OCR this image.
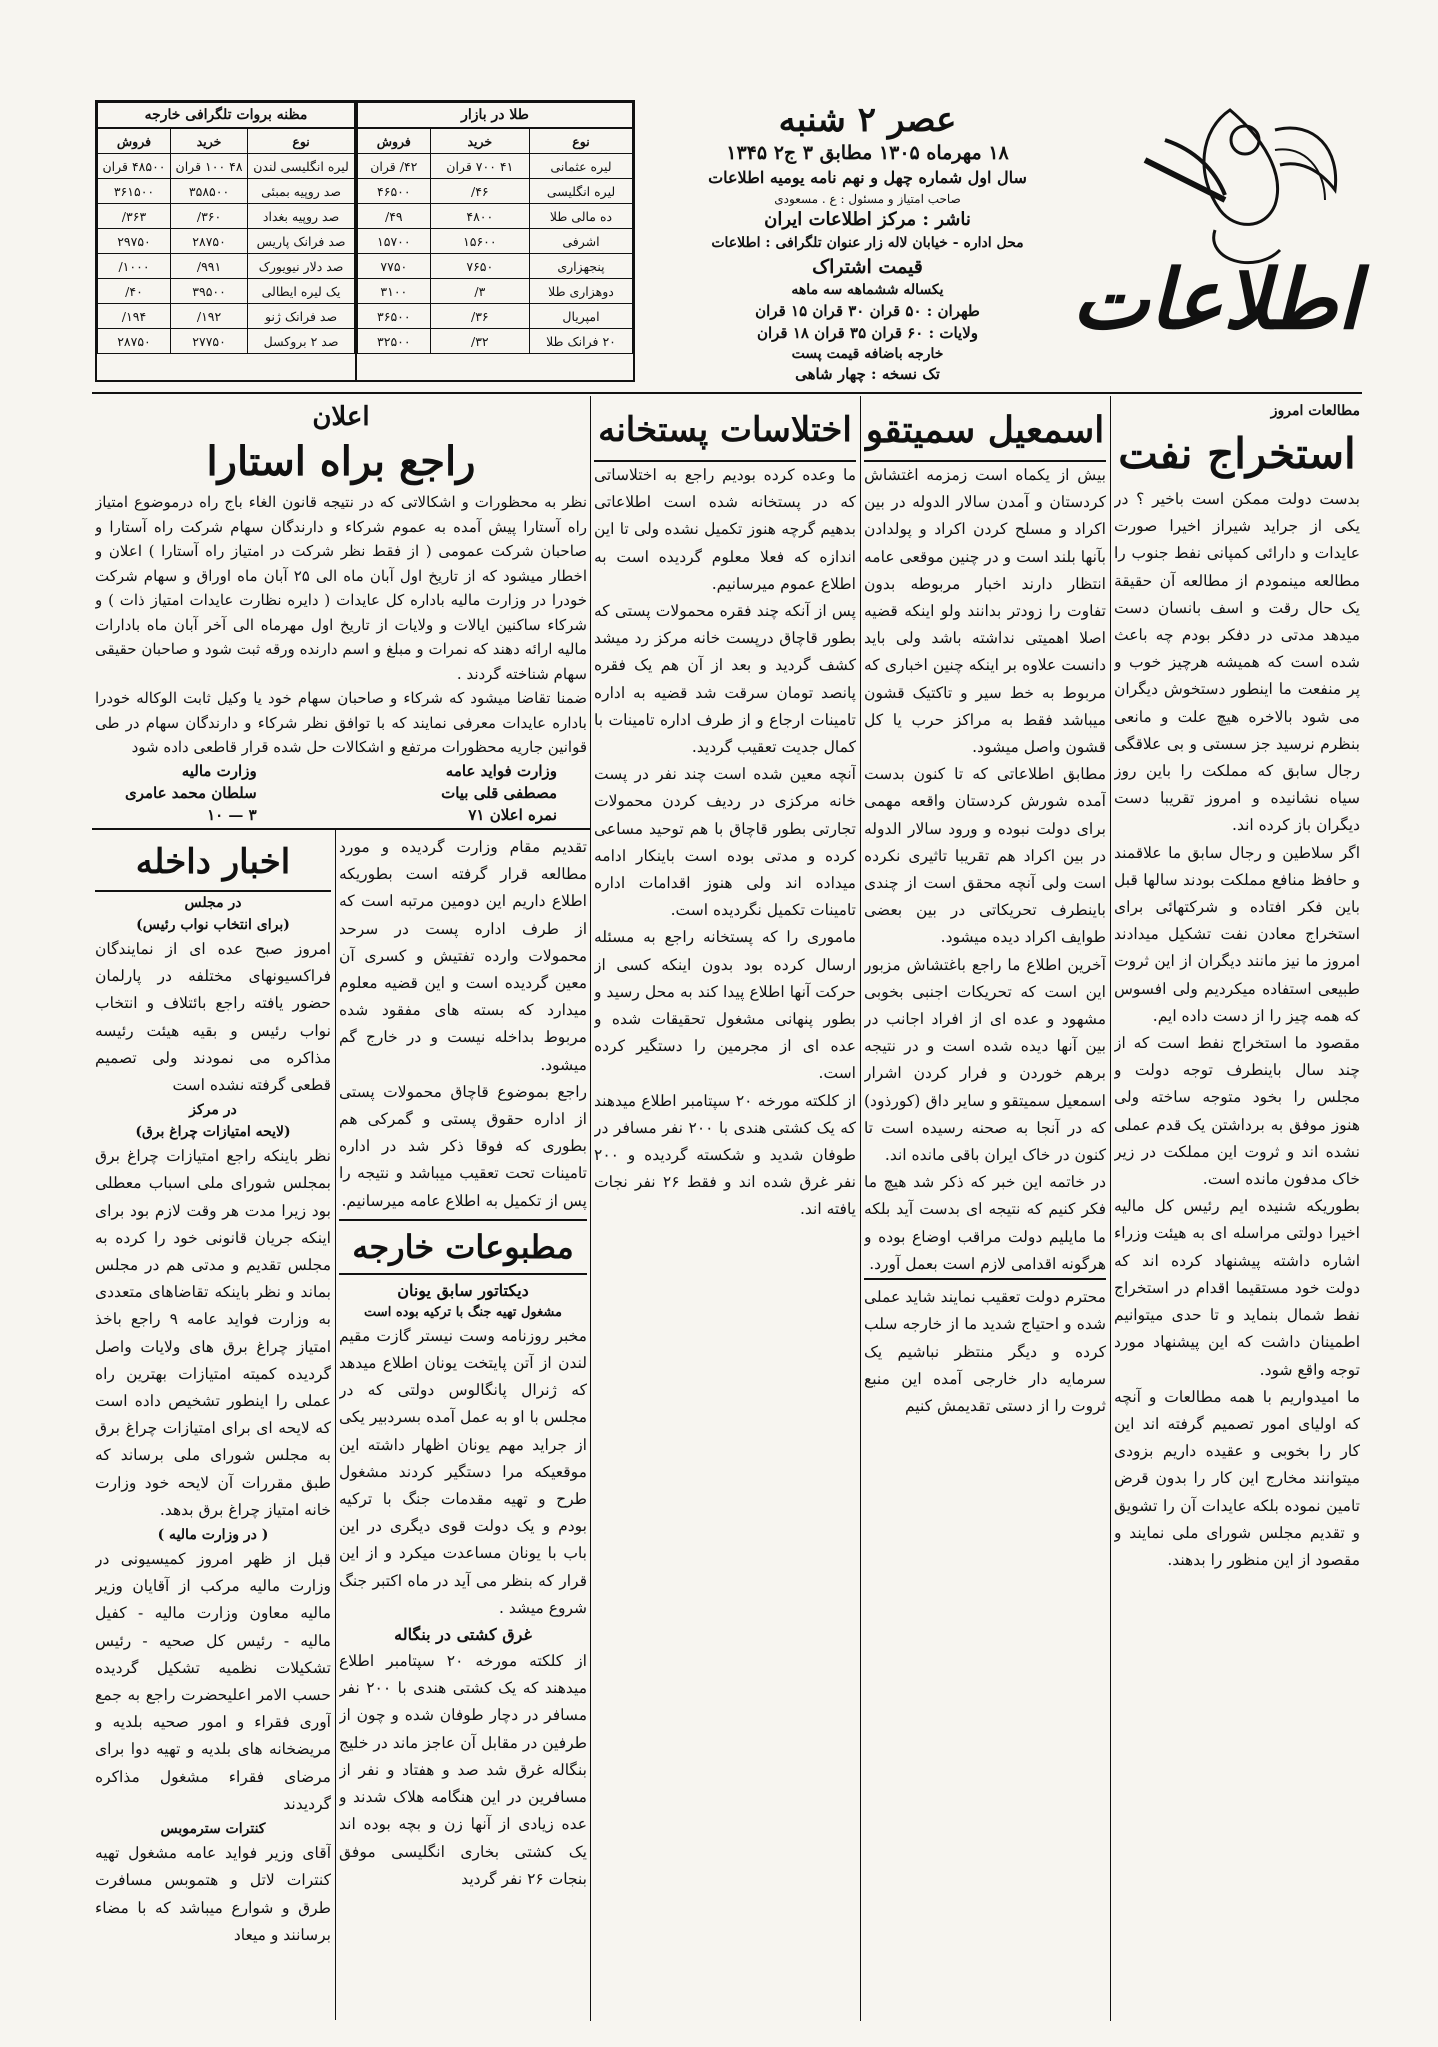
اطلاعات
عصر ۲ شنبه
۱۸ مهرماه ۱۳۰۵ مطابق ۳ ج۲ ۱۳۴۵
سال اول شماره چهل و نهم نامه یومیه اطلاعات
صاحب امتیاز و مسئول : ع . مسعودی
ناشر : مرکز اطلاعات ایران
محل اداره - خیابان لاله زار عنوان تلگرافی : اطلاعات
قیمت اشتراک
یکساله ششماهه سه ماهه
طهران : ۵۰ قران ۳۰ قران ۱۵ قران
ولایات : ۶۰ قران ۳۵ قران ۱۸ قران
خارجه باضافه قیمت پست
تک نسخه : چهار شاهی
طلا در بازار
نوع	خرید	فروش
لیره عثمانی	۴۱ ۷۰۰ قران	۴۲/ قران
لیره انگلیسی	۴۶/	۴۶۵۰۰
ده مالی طلا	۴۸۰۰	۴۹/
اشرفی	۱۵۶۰۰	۱۵۷۰۰
پنجهزاری	۷۶۵۰	۷۷۵۰
دوهزاری طلا	۳/	۳۱۰۰
امپریال	۳۶/	۳۶۵۰۰
۲۰ فرانک طلا	۳۲/	۳۲۵۰۰
مظنه بروات تلگرافی خارجه
نوع	خرید	فروش
لیره انگلیسی لندن	۴۸ ۱۰۰ قران	۴۸۵۰۰ قران
صد روپیه بمبئی	۳۵۸۵۰۰	۳۶۱۵۰۰
صد روپیه بغداد	۳۶۰/	۳۶۳/
صد فرانک پاریس	۲۸۷۵۰	۲۹۷۵۰
صد دلار نیویورک	۹۹۱/	۱۰۰۰/
یک لیره ایطالی	۳۹۵۰۰	۴۰/
صد فرانک ژنو	۱۹۲/	۱۹۴/
صد ۲ بروکسل	۲۷۷۵۰	۲۸۷۵۰
مطالعات امروز
استخراج نفت

بدست دولت ممکن است باخیر ؟ در یکی از جراید شیراز اخیرا صورت عایدات و دارائی کمپانی نفط جنوب را مطالعه مینمودم از مطالعه آن حقیقة یک حال رقت و اسف بانسان دست میدهد مدتی در دفکر بودم چه باعث شده است که همیشه هرچیز خوب و پر منفعت ما اینطور دستخوش دیگران می شود بالاخره هیچ علت و مانعی بنظرم نرسید جز سستی و بی علاقگی رجال سابق که مملکت را باین روز سیاه نشانیده و امروز تقریبا دست دیگران باز کرده اند.

اگر سلاطین و رجال سابق ما علاقمند و حافظ منافع مملکت بودند سالها قبل باین فکر افتاده و شرکتهائی برای استخراج معادن نفت تشکیل میدادند امروز ما نیز مانند دیگران از این ثروت طبیعی استفاده میکردیم ولی افسوس که همه چیز را از دست داده ایم.

مقصود ما استخراج نفط است که از چند سال باینطرف توجه دولت و مجلس را بخود متوجه ساخته ولی هنوز موفق به برداشتن یک قدم عملی نشده اند و ثروت این مملکت در زیر خاک مدفون مانده است.

بطوریکه شنیده ایم رئیس کل مالیه اخیرا دولتی مراسله ای به هیئت وزراء اشاره داشته پیشنهاد کرده اند که دولت خود مستقیما اقدام در استخراج نفط شمال بنماید و تا حدی میتوانیم اطمینان داشت که این پیشنهاد مورد توجه واقع شود.

ما امیدواریم با همه مطالعات و آنچه که اولیای امور تصمیم گرفته اند این کار را بخوبی و عقیده داریم بزودی میتوانند مخارج این کار را بدون قرض تامین نموده بلکه عایدات آن را تشویق و تقدیم مجلس شورای ملی نمایند و مقصود از این منظور را بدهند.

اسمعیل سمیتقو

بیش از یکماه است زمزمه اغتشاش کردستان و آمدن سالار الدوله در بین اکراد و مسلح کردن اکراد و پولدادن بآنها بلند است و در چنین موقعی عامه انتظار دارند اخبار مربوطه بدون تفاوت را زودتر بدانند ولو اینکه قضیه اصلا اهمیتی نداشته باشد ولی باید دانست علاوه بر اینکه چنین اخباری که مربوط به خط سیر و تاکتیک قشون میباشد فقط به مراکز حرب یا کل قشون واصل میشود.

مطابق اطلاعاتی که تا کنون بدست آمده شورش کردستان واقعه مهمی برای دولت نبوده و ورود سالار الدوله در بین اکراد هم تقریبا تاثیری نکرده است ولی آنچه محقق است از چندی باینطرف تحریکاتی در بین بعضی طوایف اکراد دیده میشود.

آخرین اطلاع ما راجع باغتشاش مزبور این است که تحریکات اجنبی بخوبی مشهود و عده ای از افراد اجانب در بین آنها دیده شده است و در نتیجه برهم خوردن و فرار کردن اشرار اسمعیل سمیتقو و سایر داق (کورذود) که در آنجا به صحنه رسیده است تا کنون در خاک ایران باقی مانده اند.

در خاتمه این خبر که ذکر شد هیچ ما فکر کنیم که نتیجه ای بدست آید بلکه ما مایلیم دولت مراقب اوضاع بوده و هرگونه اقدامی لازم است بعمل آورد.

محترم دولت تعقیب نمایند شاید عملی شده و احتیاج شدید ما از خارجه سلب کرده و دیگر منتظر نباشیم یک سرمایه دار خارجی آمده این منبع ثروت را از دستی تقدیمش کنیم

اختلاسات پستخانه

ما وعده کرده بودیم راجع به اختلاساتی که در پستخانه شده است اطلاعاتی بدهیم گرچه هنوز تکمیل نشده ولی تا این اندازه که فعلا معلوم گردیده است به اطلاع عموم میرسانیم.

پس از آنکه چند فقره محمولات پستی که بطور قاچاق درپست خانه مرکز رد میشد کشف گردید و بعد از آن هم یک فقره پانصد تومان سرقت شد قضیه به اداره تامینات ارجاع و از طرف اداره تامینات با کمال جدیت تعقیب گردید.

آنچه معین شده است چند نفر در پست خانه مرکزی در ردیف کردن محمولات تجارتی بطور قاچاق با هم توحید مساعی کرده و مدتی بوده است باینکار ادامه میداده اند ولی هنوز اقدامات اداره تامینات تکمیل نگردیده است.

ماموری را که پستخانه راجع به مسئله ارسال کرده بود بدون اینکه کسی از حرکت آنها اطلاع پیدا کند به محل رسید و بطور پنهانی مشغول تحقیقات شده و عده ای از مجرمین را دستگیر کرده است.

از کلکته مورخه ۲۰ سپتامبر اطلاع میدهند که یک کشتی هندی با ۲۰۰ نفر مسافر در طوفان شدید و شکسته گردیده و ۲۰۰ نفر غرق شده اند و فقط ۲۶ نفر نجات یافته اند.

اعلان
راجع براه استارا

نظر به محظورات و اشکالاتی که در نتیجه قانون الغاء باج راه درموضوع امتیاز راه آستارا پیش آمده به عموم شرکاء و دارندگان سهام شرکت راه آستارا و صاحبان شرکت عمومی ( از فقط نظر شرکت در امتیاز راه آستارا ) اعلان و اخطار میشود که از تاریخ اول آبان ماه الی ۲۵ آبان ماه اوراق و سهام شرکت خودرا در وزارت مالیه باداره کل عایدات ( دایره نظارت عایدات امتیاز ذات ) و شرکاء ساکنین ایالات و ولایات از تاریخ اول مهرماه الی آخر آبان ماه بادارات مالیه ارائه دهند که نمرات و مبلغ و اسم دارنده ورقه ثبت شود و صاحبان حقیقی سهام شناخته گردند .

ضمنا تقاضا میشود که شرکاء و صاحبان سهام خود یا وکیل ثابت الوکاله خودرا باداره عایدات معرفی نمایند که با توافق نظر شرکاء و دارندگان سهام در طی قوانین جاریه محظورات مرتفع و اشکالات حل شده قرار قاطعی داده شود

وزارت فواید عامه
مصطفی قلی بیات
نمره اعلان ۷۱
وزارت مالیه
سلطان محمد عامری
۳ — ۱۰

تقدیم مقام وزارت گردیده و مورد مطالعه قرار گرفته است بطوریکه اطلاع داریم این دومین مرتبه است که از طرف اداره پست در سرحد محمولات وارده تفتیش و کسری آن معین گردیده است و این قضیه معلوم میدارد که بسته های مفقود شده مربوط بداخله نیست و در خارج گم میشود.

راجع بموضوع قاچاق محمولات پستی از اداره حقوق پستی و گمرکی هم بطوری که فوقا ذکر شد در اداره تامینات تحت تعقیب میباشد و نتیجه را پس از تکمیل به اطلاع عامه میرسانیم.

مطبوعات خارجه
دیکتاتور سابق یونان
مشغول تهیه جنگ با ترکیه بوده است

مخبر روزنامه وست نیستر گازت مقیم لندن از آتن پایتخت یونان اطلاع میدهد که ژنرال پانگالوس دولتی که در مجلس با او به عمل آمده بسردبیر یکی از جراید مهم یونان اظهار داشته این موقعیکه مرا دستگیر کردند مشغول طرح و تهیه مقدمات جنگ با ترکیه بودم و یک دولت قوی دیگری در این باب با یونان مساعدت میکرد و از این قرار که بنظر می آید در ماه اکتبر جنگ شروع میشد .

غرق کشتی در بنگاله

از کلکته مورخه ۲۰ سپتامبر اطلاع میدهند که یک کشتی هندی با ۲۰۰ نفر مسافر در دچار طوفان شده و چون از طرفین در مقابل آن عاجز ماند در خلیج بنگاله غرق شد صد و هفتاد و نفر از مسافرین در این هنگامه هلاک شدند و عده زیادی از آنها زن و بچه بوده اند یک کشتی بخاری انگلیسی موفق بنجات ۲۶ نفر گردید

اخبار داخله
در مجلس
(برای انتخاب نواب رئیس)

امروز صبح عده ای از نمایندگان فراکسیونهای مختلفه در پارلمان حضور یافته راجع بائتلاف و انتخاب نواب رئیس و بقیه هیئت رئیسه مذاکره می نمودند ولی تصمیم قطعی گرفته نشده است

در مرکز
(لایحه امتیازات چراغ برق)

نظر باینکه راجع امتیازات چراغ برق بمجلس شورای ملی اسباب معطلی بود زیرا مدت هر وقت لازم بود برای اینکه جریان قانونی خود را کرده به مجلس تقدیم و مدتی هم در مجلس بماند و نظر باینکه تقاضاهای متعددی به وزارت فواید عامه ۹ راجع باخذ امتیاز چراغ برق های ولایات واصل گردیده کمیته امتیازات بهترین راه عملی را اینطور تشخیص داده است که لایحه ای برای امتیازات چراغ برق به مجلس شورای ملی برساند که طبق مقررات آن لایحه خود وزارت خانه امتیاز چراغ برق بدهد.

( در وزارت مالیه )

قبل از ظهر امروز کمیسیونی در وزارت مالیه مرکب از آقایان وزیر مالیه معاون وزارت مالیه - کفیل مالیه - رئیس کل صحیه - رئیس تشکیلات نظمیه تشکیل گردیده حسب الامر اعلیحضرت راجع به جمع آوری فقراء و امور صحیه بلدیه و مریضخانه های بلدیه و تهیه دوا برای مرضای فقراء مشغول مذاکره گردیدند

کنترات سترموبس

آقای وزیر فواید عامه مشغول تهیه کنترات لاتل و هتموبس مسافرت طرق و شوارع میباشد که با مضاء برسانند و میعاد
